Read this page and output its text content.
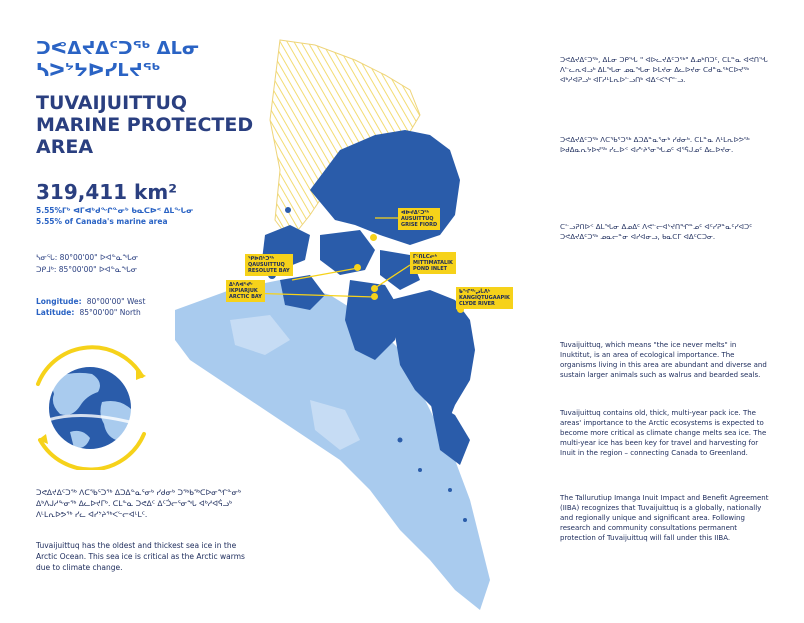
ᑐᕙᐃᔪᐃᑦᑐᖅ ᐃᒪᓂ ᓴᐳᔾᔭᐅᓯᒪᔪᖅ
TUVAIJUITTUQ MARINE PROTECTED AREA
319,411 km²
5.55%ᒥᒃ ᐊᒥᐊᒃᑯᖏᓐᓂᒃ ᑲᓇᑕᐅᑉ ᐃᒪᖓᓂ
5.55% of Canada's marine area
ᓴᓂᕐᒐ: 80°00'00" ᐅᐊᓐᓇᖓᓂ
ᑐᑭᒧᒃ: 85°00'00" ᐅᐊᓐᓇᖓᓂ
Longitude: 80°00'00" West
Latitude: 85°00'00" North
ᑐᕙᐃᔪᐃᑦᑐᖅ ᐱᑕᖃᕐᑐᖅ ᐃᑐᐃᓐᓇᕐᓂᒃ ᓯᑯᓂᒃ ᑐᖅᑲᖅᑕᐅᓂᖏᓐᓂᒃ ᐃᒃᐱᒍᓱᖕᓂᖅ ᐃᓚᐅᔪᒥᒃ. ᑕᒪᓐᓇ ᑐᕙᐃᑦ ᐃᑦᑑᓕᕐᓂᖓ ᐊᒃᓱᐊᕌᓗᒃ ᐱᒻᒪᕆᐅᕗᖅ ᓯᓚ ᐊᓯᔾᔨᖅᐸᓪᓕᐊᒻᒪᑦ.
Tuvaijuittuq has the oldest and thickest sea ice in the Arctic Ocean. This sea ice is critical as the Arctic warms due to climate change.
ᐊᐅᔪᐃᑦᑐᖅ
AUSUITTUQ
GRISE FIORD
ᕿᐅᑎᒃᑐᖅ
QAUSUITTUQ
RESOLUTE BAY
ᒥᑦᑎᒪᑕᓕᒃ
MITTIMATALIK
POND INLET
ᐃᒃᐱᐊᕐᔪᒃ
IKPIARJUK
ARCTIC BAY
ᑲᖏᖅᖢᒑᐱᒃ
KANGIQTUGAAPIK
CLYDE RIVER
ᑐᕙᐃᔪᐃᑦᑐᖅ, ᐃᒪᓂ ᑐᑭᖓ " ᐊᐅᓚᔪᐃᑦᑐᖅ" ᐃᓄᒃᑎᑐᑦ, ᑕᒪᓐᓇ ᐊᕙᑎᖓ ᐱᓪᓚᕆᐊᓗᒃ ᐃᒪᖓᓂ ᓄᓇᖓᓂ ᐅᒪᔪᓂ ᐃᓚᐅᔪᓂ ᑕᑯᓐᓇᖅᑕᐅᔪᖅ ᐊᒃᓱᐊᕈᓗᒃ ᐊᒥᓱᒻᒪᕆᐅᓪᓗᑎᒃ ᐊᐃᑉᐸᖏᓪᓗ.
ᑐᕙᐃᔪᐃᑦᑐᖅ ᐱᑕᖃᕐᑐᖅ ᐃᑐᐃᓐᓇᕐᓂᒃ ᓯᑯᓂᒃ. ᑕᒪᓐᓇ ᐱᒻᒪᕆᐅᕗᖅ ᐅᑯᐃᓇᕆᔭᐅᔪᖅ ᓯᓚᐅᑉ ᐊᓯᔾᔨᕐᓂᖓᓄᑦ ᐊᕐᕌᒍᓄᑦ ᐃᓚᐅᔪᓂ.
ᑕᓪᓗᕈᑎᐅᑉ ᐃᒪᖓᓂ ᐃᓄᐃᑦ ᐱᕙᓪᓕᐊᔾᔪᑎᖏᓐᓄᑦ ᐊᑦᓯᕈᓐᓇᑦᓯᐊᑐᑦ ᑐᕙᐃᔪᐃᑦᑐᖅ ᓄᓇᓕᓐᓂ ᐊᓯᐊᓂᓗ, ᑲᓇᑕᒥ ᐊᐃᑦᑕᑐᓂ.
Tuvaijuittuq, which means "the ice never melts" in Inuktitut, is an area of ecological importance. The organisms living in this area are abundant and diverse and sustain larger animals such as walrus and bearded seals.
Tuvaijuittuq contains old, thick, multi-year pack ice. The areas' importance to the Arctic ecosystems is expected to become more critical as climate change melts sea ice. The multi-year ice has been key for travel and harvesting for Inuit in the region – connecting Canada to Greenland.
The Tallurutiup Imanga Inuit Impact and Benefit Agreement (IIBA) recognizes that Tuvaijuittuq is a globally, nationally and regionally unique and significant area. Following research and community consultations permanent protection of Tuvaijuittuq will fall under this IIBA.
